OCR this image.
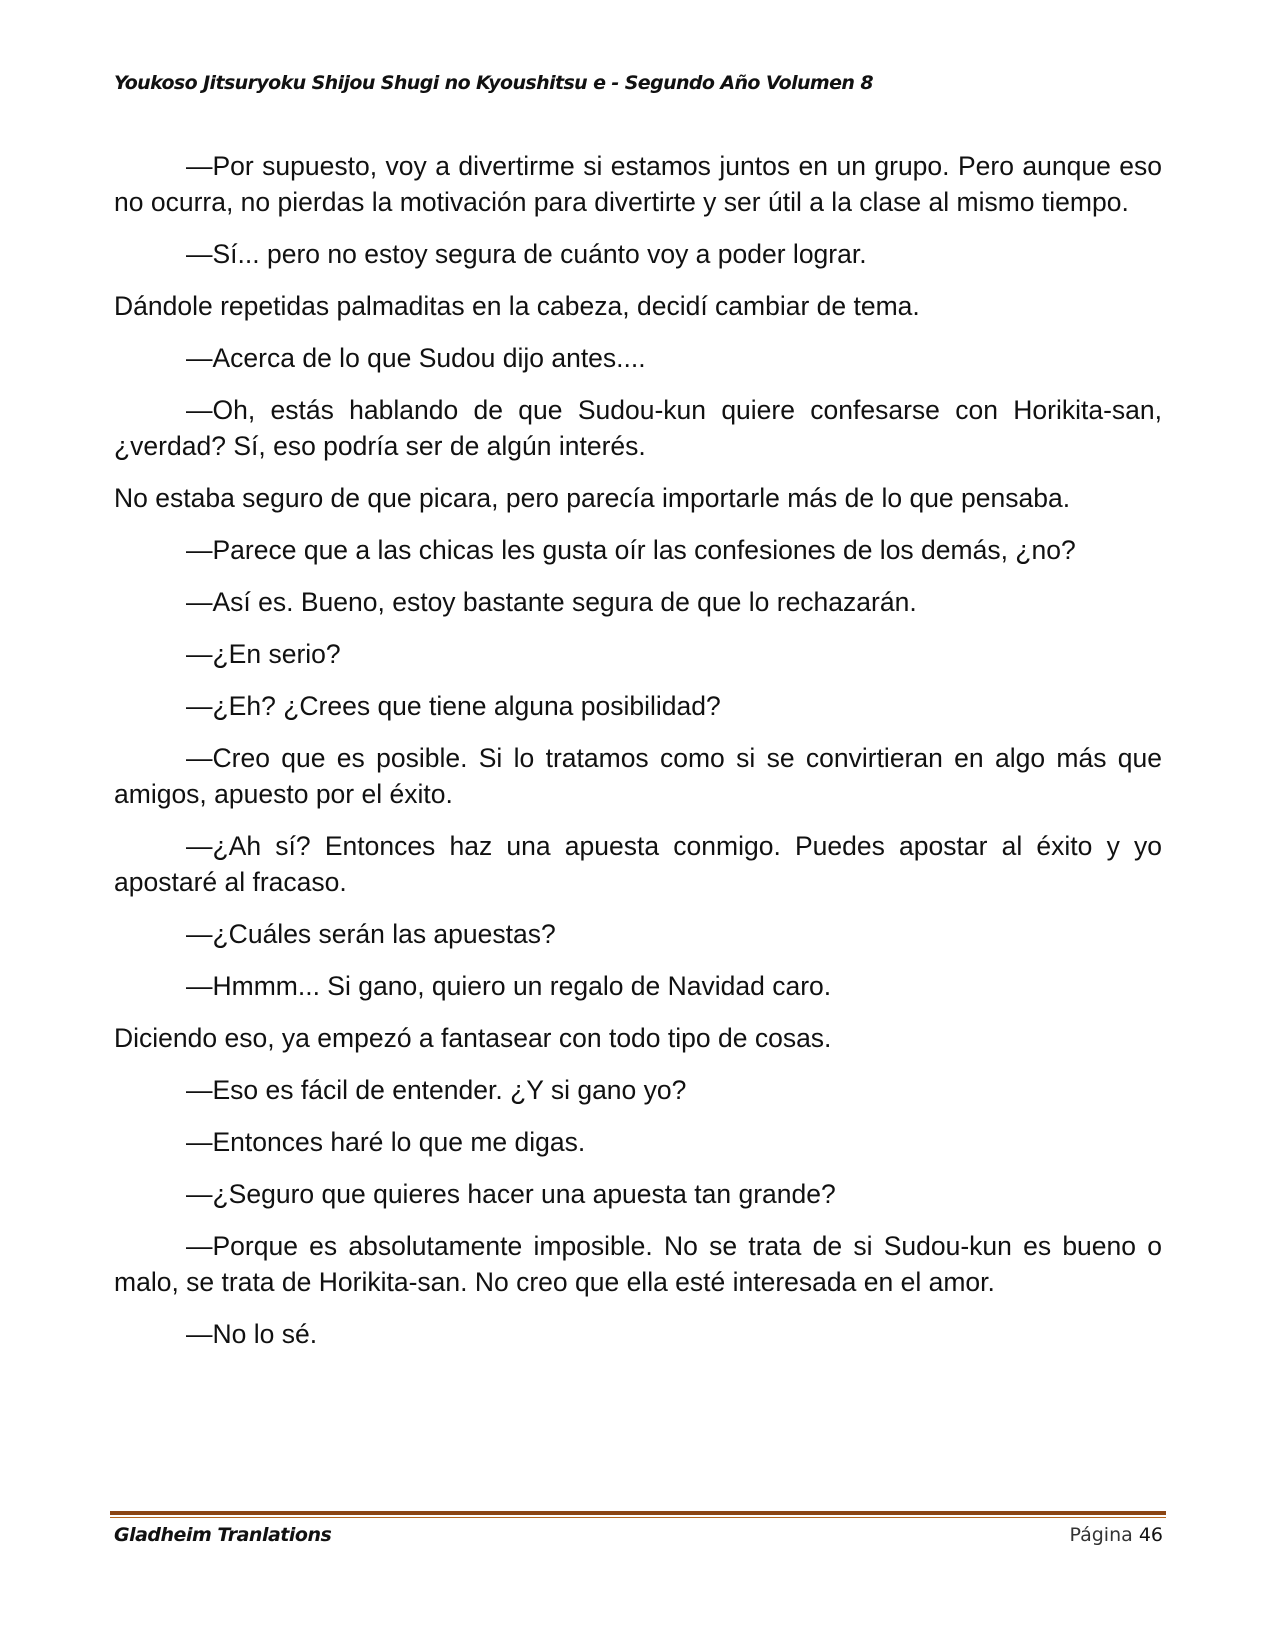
Youkoso Jitsuryoku Shijou Shugi no Kyoushitsu e - Segundo Año Volumen 8

—Por supuesto, voy a divertirme si estamos juntos en un grupo. Pero aunque eso no ocurra, no pierdas la motivación para divertirte y ser útil a la clase al mismo tiempo.

—Sí... pero no estoy segura de cuánto voy a poder lograr.

Dándole repetidas palmaditas en la cabeza, decidí cambiar de tema.

—Acerca de lo que Sudou dijo antes....

—Oh, estás hablando de que Sudou-kun quiere confesarse con Horikita-san, ¿verdad? Sí, eso podría ser de algún interés.

No estaba seguro de que picara, pero parecía importarle más de lo que pensaba.

—Parece que a las chicas les gusta oír las confesiones de los demás, ¿no?

—Así es. Bueno, estoy bastante segura de que lo rechazarán.

—¿En serio?

—¿Eh? ¿Crees que tiene alguna posibilidad?

—Creo que es posible. Si lo tratamos como si se convirtieran en algo más que amigos, apuesto por el éxito.

—¿Ah sí? Entonces haz una apuesta conmigo. Puedes apostar al éxito y yo apostaré al fracaso.

—¿Cuáles serán las apuestas?

—Hmmm... Si gano, quiero un regalo de Navidad caro.

Diciendo eso, ya empezó a fantasear con todo tipo de cosas.

—Eso es fácil de entender. ¿Y si gano yo?

—Entonces haré lo que me digas.

—¿Seguro que quieres hacer una apuesta tan grande?

—Porque es absolutamente imposible. No se trata de si Sudou-kun es bueno o malo, se trata de Horikita-san. No creo que ella esté interesada en el amor.

—No lo sé.

Gladheim Tranlations	Página 46
